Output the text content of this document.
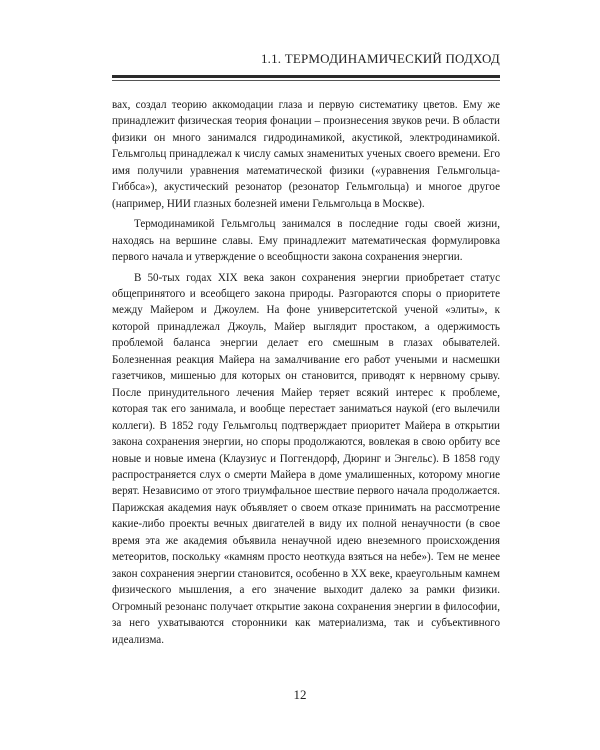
1.1. ТЕРМОДИНАМИЧЕСКИЙ ПОДХОД

вах, создал теорию аккомодации глаза и первую систематику цветов. Ему же принадлежит физическая теория фонации – произнесения звуков речи. В области физики он много занимался гидродинамикой, акустикой, электродинамикой. Гельмгольц принадлежал к числу самых знаменитых ученых своего времени. Его имя получили уравнения математической физики («уравнения Гельмгольца-Гиббса»), акустический резонатор (резонатор Гельмгольца) и многое другое (например, НИИ глазных болезней имени Гельмгольца в Москве).

Термодинамикой Гельмгольц занимался в последние годы своей жизни, находясь на вершине славы. Ему принадлежит математическая формулировка первого начала и утверждение о всеобщности закона сохранения энергии.

В 50-тых годах XIX века закон сохранения энергии приобретает статус общепринятого и всеобщего закона природы. Разгораются споры о приоритете между Майером и Джоулем. На фоне университетской ученой «элиты», к которой принадлежал Джоуль, Майер выглядит простаком, а одержимость проблемой баланса энергии делает его смешным в глазах обывателей. Болезненная реакция Майера на замалчивание его работ учеными и насмешки газетчиков, мишенью для которых он становится, приводят к нервному срыву. После принудительного лечения Майер теряет всякий интерес к проблеме, которая так его занимала, и вообще перестает заниматься наукой (его вылечили коллеги). В 1852 году Гельмгольц подтверждает приоритет Майера в открытии закона сохранения энергии, но споры продолжаются, вовлекая в свою орбиту все новые и новые имена (Клаузиус и Поггендорф, Дюринг и Энгельс). В 1858 году распространяется слух о смерти Майера в доме умалишенных, которому многие верят. Независимо от этого триумфальное шествие первого начала продолжается. Парижская академия наук объявляет о своем отказе принимать на рассмотрение какие-либо проекты вечных двигателей в виду их полной ненаучности (в свое время эта же академия объявила ненаучной идею внеземного происхождения метеоритов, поскольку «камням просто неоткуда взяться на небе»). Тем не менее закон сохранения энергии становится, особенно в XX веке, краеугольным камнем физического мышления, а его значение выходит далеко за рамки физики. Огромный резонанс получает открытие закона сохранения энергии в философии, за него ухватываются сторонники как материализма, так и субъективного идеализма.

12
